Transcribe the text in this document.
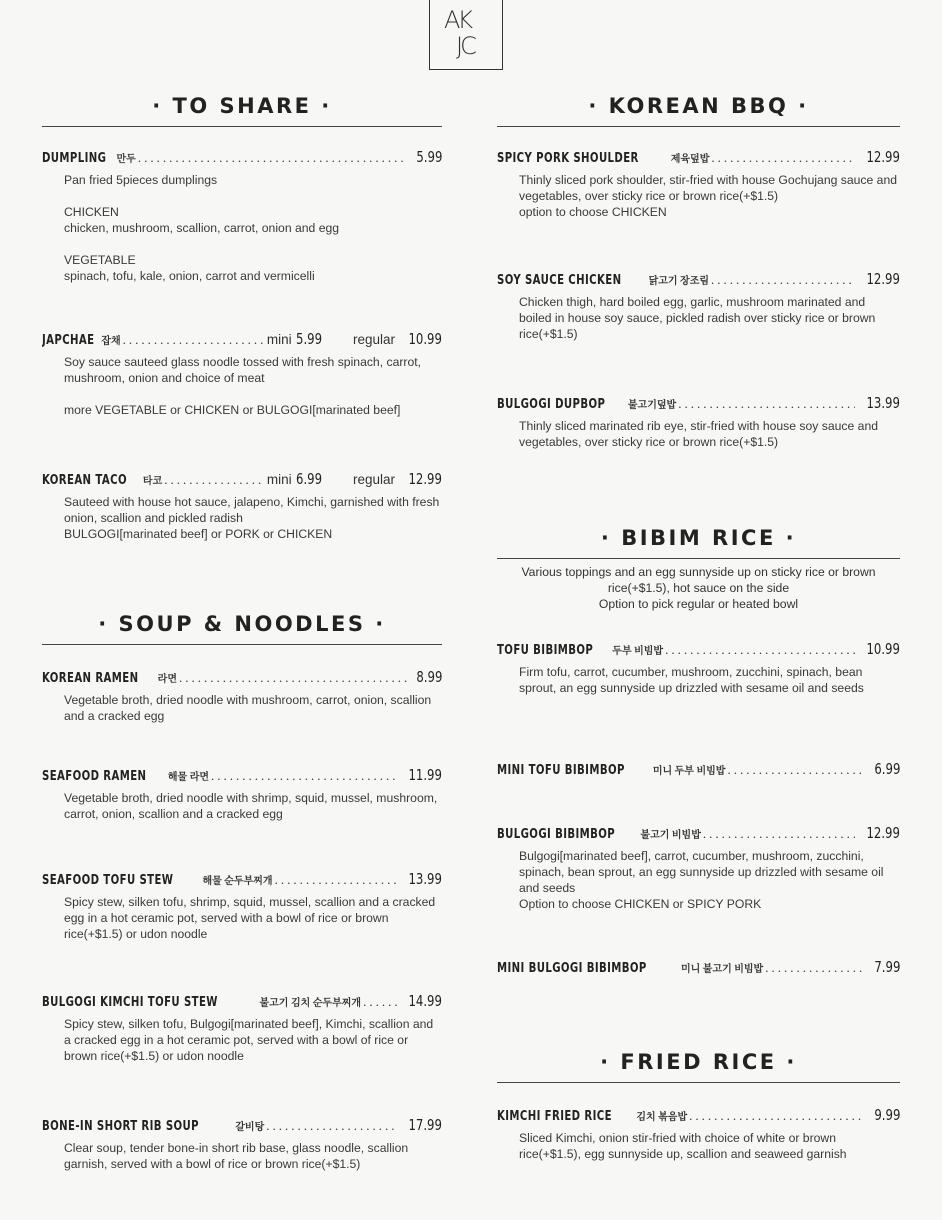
AK
JC
· TO SHARE ·
DUMPLING 만두 .....	5.99

Pan fried 5pieces dumplings

CHICKEN
chicken, mushroom, scallion, carrot, onion and egg

VEGETABLE
spinach, tofu, kale, onion, carrot and vermicelli

JAPCHAE 잡채 .....	mini 5.99 regular 10.99

Soy sauce sauteed glass noodle tossed with fresh spinach, carrot, mushroom, onion and choice of meat

more VEGETABLE or CHICKEN or BULGOGI[marinated beef]

KOREAN TACO 타코 .....	mini 6.99 regular 12.99

Sauteed with house hot sauce, jalapeno, Kimchi, garnished with fresh onion, scallion and pickled radish
BULGOGI[marinated beef] or PORK or CHICKEN

· SOUP & NOODLES ·
KOREAN RAMEN 라면 .....	8.99

Vegetable broth, dried noodle with mushroom, carrot, onion, scallion and a cracked egg

SEAFOOD RAMEN 해물 라면 .....	11.99

Vegetable broth, dried noodle with shrimp, squid, mussel, mushroom, carrot, onion, scallion and a cracked egg

SEAFOOD TOFU STEW	해물 순두부찌개 .....	13.99

Spicy stew, silken tofu, shrimp, squid, mussel, scallion and a cracked egg in a hot ceramic pot, served with a bowl of rice or brown rice(+$1.5) or udon noodle

BULGOGI KIMCHI TOFU STEW	불고기 김치 순두부찌개 .....	14.99

Spicy stew, silken tofu, Bulgogi[marinated beef], Kimchi, scallion and a cracked egg in a hot ceramic pot, served with a bowl of rice or brown rice(+$1.5) or udon noodle

BONE-IN SHORT RIB SOUP	갈비탕 .....	17.99

Clear soup, tender bone-in short rib base, glass noodle, scallion garnish, served with a bowl of rice or brown rice(+$1.5)

· KOREAN BBQ ·
SPICY PORK SHOULDER	제육덮밥 .....	12.99

Thinly sliced pork shoulder, stir-fried with house Gochujang sauce and vegetables, over sticky rice or brown rice(+$1.5)
option to choose CHICKEN

SOY SAUCE CHICKEN	닭고기 장조림 .....	12.99

Chicken thigh, hard boiled egg, garlic, mushroom marinated and boiled in house soy sauce, pickled radish over sticky rice or brown rice(+$1.5)

BULGOGI DUPBOP 불고기덮밥 .....	13.99

Thinly sliced marinated rib eye, stir-fried with house soy sauce and vegetables, over sticky rice or brown rice(+$1.5)

· BIBIM RICE ·
Various toppings and an egg sunnyside up on sticky rice or brown rice(+$1.5), hot sauce on the side
Option to pick regular or heated bowl
TOFU BIBIMBOP 두부 비빔밥 .....	10.99

Firm tofu, carrot, cucumber, mushroom, zucchini, spinach, bean sprout, an egg sunnyside up drizzled with sesame oil and seeds

MINI TOFU BIBIMBOP	미니 두부 비빔밥 .....	6.99
BULGOGI BIBIMBOP	불고기 비빔밥 .....	12.99

Bulgogi[marinated beef], carrot, cucumber, mushroom, zucchini, spinach, bean sprout, an egg sunnyside up drizzled with sesame oil and seeds
Option to choose CHICKEN or SPICY PORK

MINI BULGOGI BIBIMBOP	미니 불고기 비빔밥 .....	7.99
· FRIED RICE ·
KIMCHI FRIED RICE 김치 볶음밥 .....	9.99

Sliced Kimchi, onion stir-fried with choice of white or brown rice(+$1.5), egg sunnyside up, scallion and seaweed garnish
